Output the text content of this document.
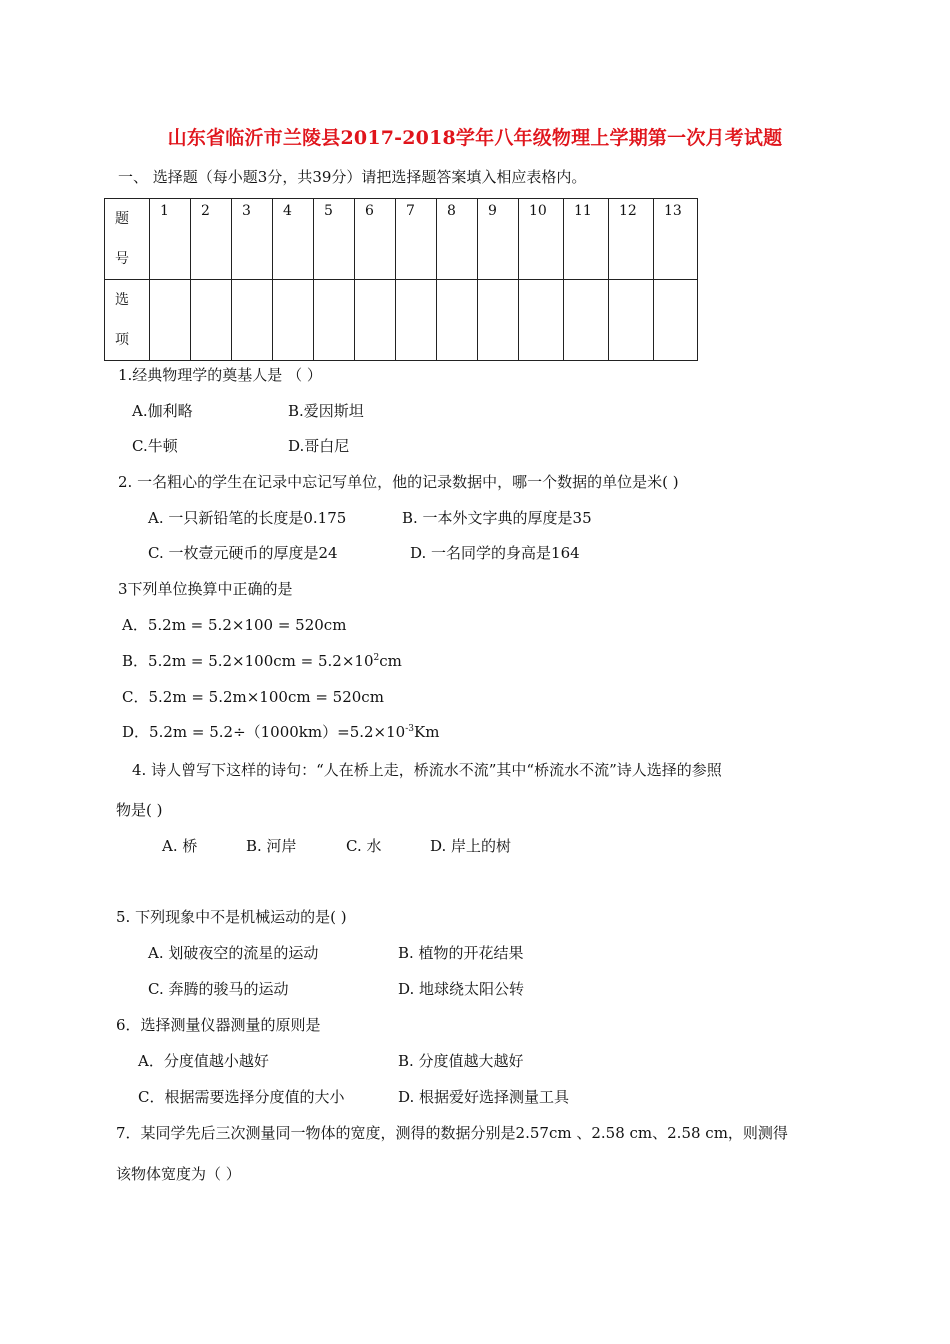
山东省临沂市兰陵县2017-2018学年八年级物理上学期第一次月考试题
一、 选择题（每小题3分，共39分）请把选择题答案填入相应表格内。
题号	1	2	3	4	5	6	7	8	9	10	11	12	13

选项													

1.经典物理学的奠基人是 （ ）
A.伽利略	B.爱因斯坦
C.牛顿	D.哥白尼
2. 一名粗心的学生在记录中忘记写单位，他的记录数据中，哪一个数据的单位是米( )
A. 一只新铅笔的长度是0.175	B. 一本外文字典的厚度是35
C. 一枚壹元硬币的厚度是24	D. 一名同学的身高是164
3下列单位换算中正确的是
A．5.2m = 5.2×100 = 520cm
B．$5.2m = 5.2\times 100cm = 5.2\times 10^2cm$
C．5.2m = 5.2m×100cm = 520cm
D．$5.2m = 5.2\div(1000km)=5.2\times 10^{-3}Km$
4. 诗人曾写下这样的诗句：“人在桥上走，桥流水不流”其中“桥流水不流”诗人选择的参照
物是( )
A. 桥	B. 河岸	C. 水	D. 岸上的树
5. 下列现象中不是机械运动的是( )
A. 划破夜空的流星的运动	B. 植物的开花结果
C. 奔腾的骏马的运动	D. 地球绕太阳公转
6．选择测量仪器测量的原则是
A．分度值越小越好	B. 分度值越大越好
C．根据需要选择分度值的大小	D. 根据爱好选择测量工具
7．某同学先后三次测量同一物体的宽度，测得的数据分别是2.57cm 、2.58 cm、2.58 cm，则测得
该物体宽度为（ ）
